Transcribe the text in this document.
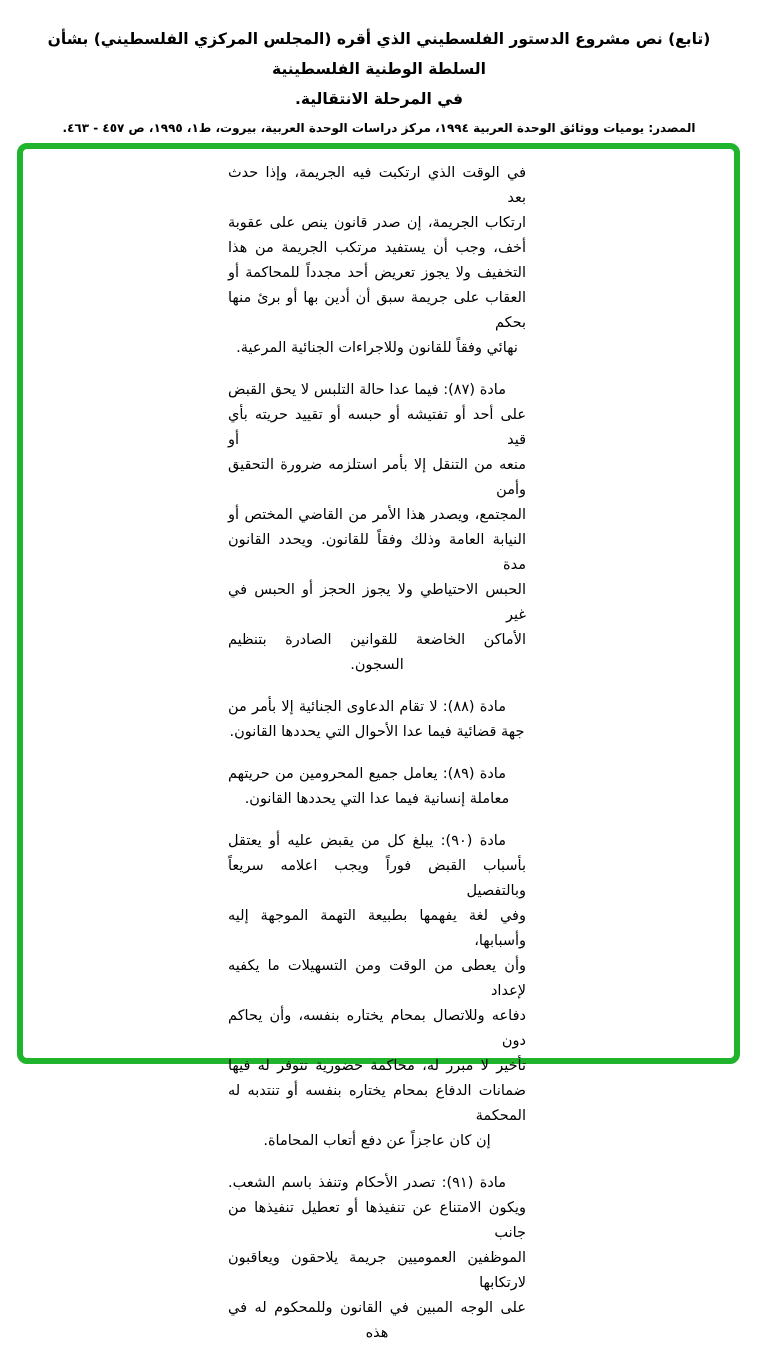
(تابع) نص مشروع الدستور الفلسطيني الذي أقره (المجلس المركزي الفلسطيني) بشأن السلطة الوطنية الفلسطينية
في المرحلة الانتقالية.
المصدر: يوميات ووثائق الوحدة العربية ١٩٩٤، مركز دراسات الوحدة العربية، بيروت، ط١، ١٩٩٥، ص ٤٥٧ - ٤٦٣.
في الوقت الذي ارتكبت فيه الجريمة، وإذا حدث بعد
ارتكاب الجريمة، إن صدر قانون ينص على عقوبة
أخف، وجب أن يستفيد مرتكب الجريمة من هذا
التخفيف ولا يجوز تعريض أحد مجدداً للمحاكمة أو
العقاب على جريمة سبق أن أدين بها أو برئ منها بحكم
نهائي وفقاً للقانون وللاجراءات الجنائية المرعية.
مادة (٨٧): فيما عدا حالة التلبس لا يحق القبض
على أحد أو تفتيشه أو حبسه أو تقييد حريته بأي قيد أو
منعه من التنقل إلا بأمر استلزمه ضرورة التحقيق وأمن
المجتمع، ويصدر هذا الأمر من القاضي المختص أو
النيابة العامة وذلك وفقاً للقانون. ويحدد القانون مدة
الحبس الاحتياطي ولا يجوز الحجز أو الحبس في غير
الأماكن الخاضعة للقوانين الصادرة بتنظيم السجون.
مادة (٨٨): لا تقام الدعاوى الجنائية إلا بأمر من
جهة قضائية فيما عدا الأحوال التي يحددها القانون.
مادة (٨٩): يعامل جميع المحرومين من حريتهم
معاملة إنسانية فيما عدا التي يحددها القانون.
مادة (٩٠): يبلغ كل من يقبض عليه أو يعتقل
بأسباب القبض فوراً ويجب اعلامه سريعاً وبالتفصيل
وفي لغة يفهمها بطبيعة التهمة الموجهة إليه وأسبابها،
وأن يعطى من الوقت ومن التسهيلات ما يكفيه لإعداد
دفاعه وللاتصال بمحام يختاره بنفسه، وأن يحاكم دون
تأخير لا مبرر له، محاكمة حضورية تتوفر له فيها
ضمانات الدفاع بمحام يختاره بنفسه أو تنتدبه له المحكمة
إن كان عاجزاً عن دفع أتعاب المحاماة.
مادة (٩١): تصدر الأحكام وتنفذ باسم الشعب.
ويكون الامتناع عن تنفيذها أو تعطيل تنفيذها من جانب
الموظفين العموميين جريمة يلاحقون ويعاقبون لارتكابها
على الوجه المبين في القانون وللمحكوم له في هذه
